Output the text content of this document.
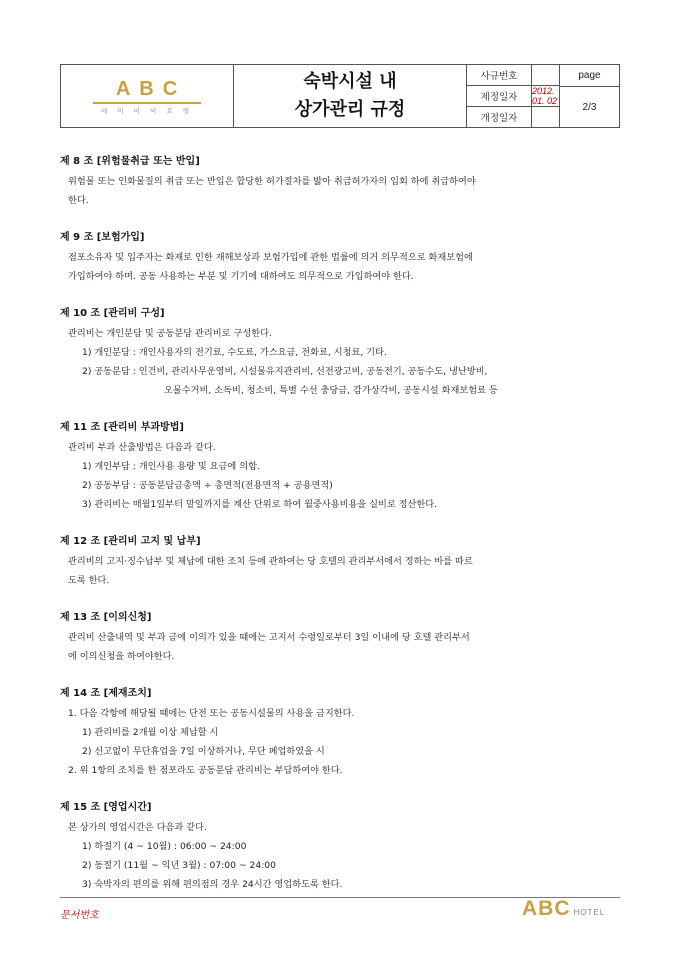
ABC
에 이 비 씨 호 텔
숙박시설 내
상가관리 규정
사규번호
제정일자
2012. 01. 02
개정일자
page
2/3
제 8 조 [위험물취급 또는 반입]
위험물 또는 인화물질의 취급 또는 반입은 합당한 허가절차를 밟아 취급허가자의 입회 하에 취급하여야
한다.
제 9 조 [보험가입]
점포소유자 및 입주자는 화재로 인한 재해보상과 보험가입에 관한 법률에 의거 의무적으로 화재보험에
가입하여야 하며. 공동 사용하는 부분 및 기기에 대하여도 의무적으로 가입하여야 한다.
제 10 조 [관리비 구성]
관리비는 개인분담 및 공동분담 관리비로 구성한다.
1) 개인분담 : 개인사용자의 전기료, 수도료, 가스요금, 전화료, 시청료, 기타.
2) 공동분담 : 인건비, 관리사무운영비, 시설물유지관리비, 선전광고비, 공동전기, 공동수도, 냉난방비,
오물수거비, 소독비, 청소비, 특별 수선 충당금, 감가상각비, 공동시설 화재보험료 등
제 11 조 [관리비 부과방법]
관리비 부과 산출방법은 다음과 같다.
1) 개인부담 : 개인사용 용량 및 요금에 의함.
2) 공동부담 : 공동분담금총액 ÷ 총면적(전용면적 + 공용면적)
3) 관리비는 매월1일부터 말일까지를 계산 단위로 하여 월중사용비용을 실비로 정산한다.
제 12 조 [관리비 고지 및 납부]
관리비의 고지·징수납부 및 체납에 대한 조치 등에 관하여는 당 호텔의 관리부서에서 정하는 바를 따르
도록 한다.
제 13 조 [이의신청]
관리비 산출내역 및 부과 금에 이의가 있을 때에는 고지서 수령일로부터 3일 이내에 당 호텔 관리부서
에 이의신청을 하여야한다.
제 14 조 [제재조치]
1. 다음 각항에 해당될 때에는 단전 또는 공동시설물의 사용을 금지한다.
1) 관리비를 2개월 이상 체납할 시
2) 신고없이 무단휴업을 7일 이상하거나, 무단 폐업하였을 시
2. 위 1항의 조치를 한 점포라도 공동분담 관리비는 부담하여야 한다.
제 15 조 [영업시간]
본 상가의 영업시간은 다음과 같다.
1) 하절기 (4 ~ 10월) : 06:00 ~ 24:00
2) 동절기 (11월 ~ 익년 3월) : 07:00 ~ 24:00
3) 숙박자의 편의를 위해 편의점의 경우 24시간 영업하도록 한다.
문서번호	ABC HOTEL
